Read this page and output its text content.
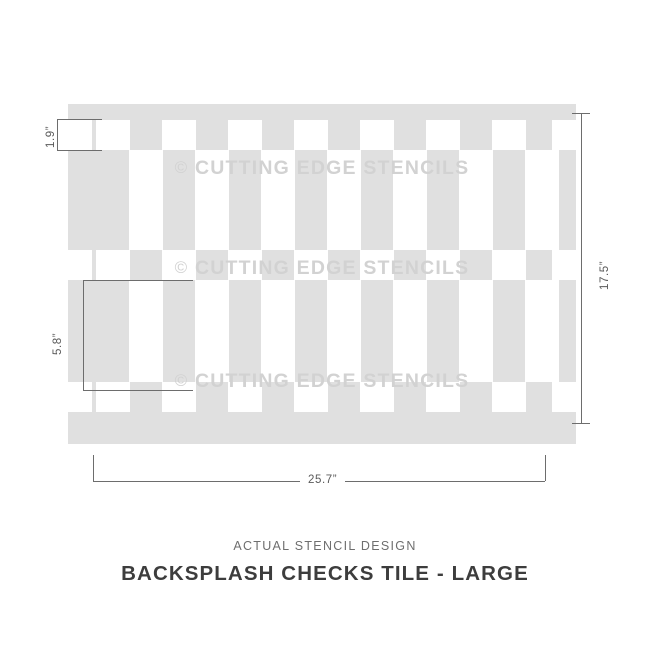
© CUTTING EDGE STENCILS
© CUTTING EDGE STENCILS
© CUTTING EDGE STENCILS
1.9”
5.8”
17.5”
25.7”
ACTUAL STENCIL DESIGN
BACKSPLASH CHECKS TILE - LARGE
